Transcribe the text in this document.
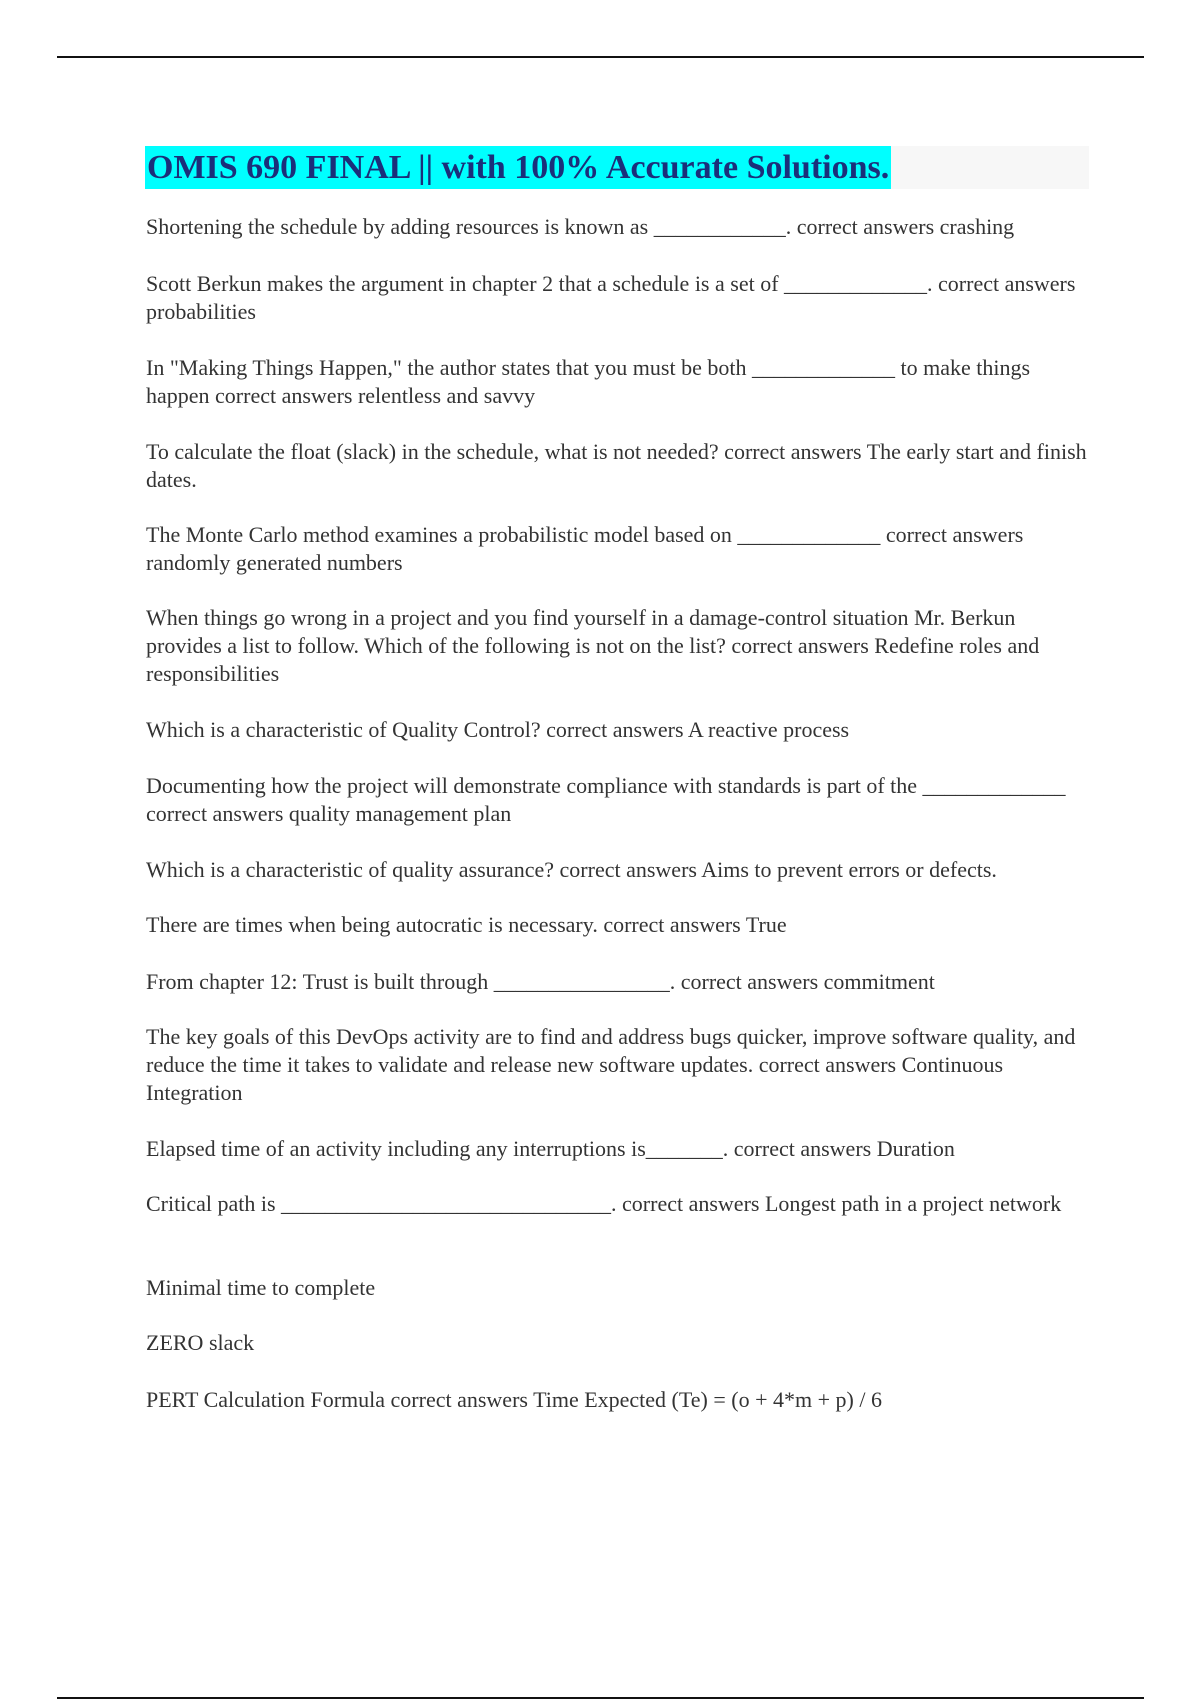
OMIS 690 FINAL || with 100% Accurate Solutions.

Shortening the schedule by adding resources is known as ____________. correct answers crashing

Scott Berkun makes the argument in chapter 2 that a schedule is a set of _____________. correct answers probabilities

In "Making Things Happen," the author states that you must be both _____________ to make things happen correct answers relentless and savvy

To calculate the float (slack) in the schedule, what is not needed? correct answers The early start and finish dates.

The Monte Carlo method examines a probabilistic model based on _____________ correct answers randomly generated numbers

When things go wrong in a project and you find yourself in a damage-control situation Mr. Berkun provides a list to follow. Which of the following is not on the list? correct answers Redefine roles and responsibilities

Which is a characteristic of Quality Control? correct answers A reactive process

Documenting how the project will demonstrate compliance with standards is part of the _____________ correct answers quality management plan

Which is a characteristic of quality assurance? correct answers Aims to prevent errors or defects.

There are times when being autocratic is necessary. correct answers True

From chapter 12: Trust is built through ________________. correct answers commitment

The key goals of this DevOps activity are to find and address bugs quicker, improve software quality, and reduce the time it takes to validate and release new software updates. correct answers Continuous Integration

Elapsed time of an activity including any interruptions is_______. correct answers Duration

Critical path is ______________________________. correct answers Longest path in a project network

Minimal time to complete

ZERO slack

PERT Calculation Formula correct answers Time Expected (Te) = (o + 4*m + p) / 6
